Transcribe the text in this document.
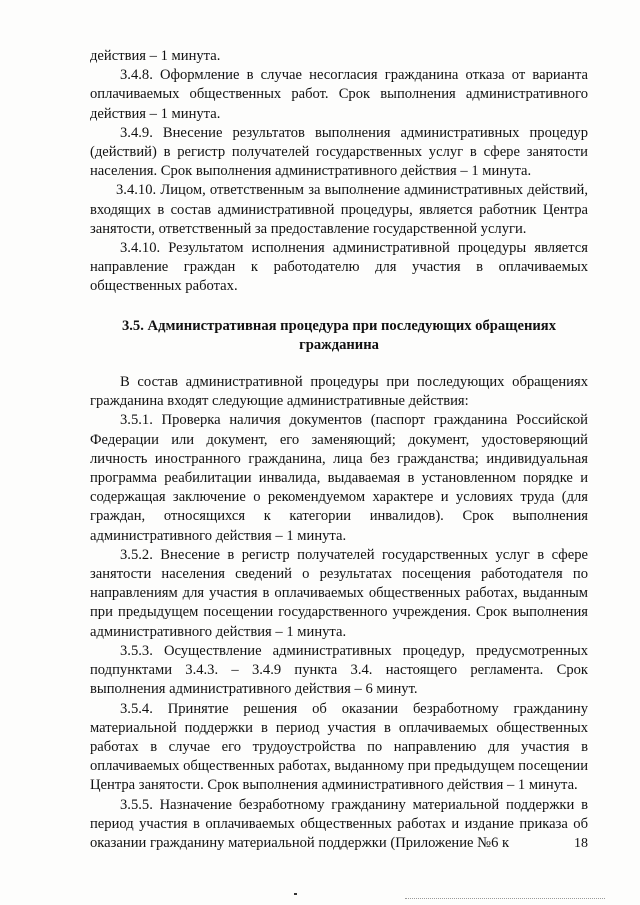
действия – 1 минута.

3.4.8. Оформление в случае несогласия гражданина отказа от варианта оплачиваемых общественных работ. Срок выполнения административного действия – 1 минута.

3.4.9. Внесение результатов выполнения административных процедур (действий) в регистр получателей государственных услуг в сфере занятости населения. Срок выполнения административного действия – 1 минута.

3.4.10. Лицом, ответственным за выполнение административных действий, входящих в состав административной процедуры, является работник Центра занятости, ответственный за предоставление государственной услуги.

3.4.10. Результатом исполнения административной процедуры является направление граждан к работодателю для участия в оплачиваемых общественных работах.

3.5. Административная процедура при последующих обращениях гражданина

В состав административной процедуры при последующих обращениях гражданина входят следующие административные действия:

3.5.1. Проверка наличия документов (паспорт гражданина Российской Федерации или документ, его заменяющий; документ, удостоверяющий личность иностранного гражданина, лица без гражданства; индивидуальная программа реабилитации инвалида, выдаваемая в установленном порядке и содержащая заключение о рекомендуемом характере и условиях труда (для граждан, относящихся к категории инвалидов). Срок выполнения административного действия – 1 минута.

3.5.2. Внесение в регистр получателей государственных услуг в сфере занятости населения сведений о результатах посещения работодателя по направлениям для участия в оплачиваемых общественных работах, выданным при предыдущем посещении государственного учреждения. Срок выполнения административного действия – 1 минута.

3.5.3. Осуществление административных процедур, предусмотренных подпунктами 3.4.3. – 3.4.9 пункта 3.4. настоящего регламента. Срок выполнения административного действия – 6 минут.

3.5.4. Принятие решения об оказании безработному гражданину материальной поддержки в период участия в оплачиваемых общественных работах в случае его трудоустройства по направлению для участия в оплачиваемых общественных работах, выданному при предыдущем посещении Центра занятости. Срок выполнения административного действия – 1 минута.

3.5.5. Назначение безработному гражданину материальной поддержки в период участия в оплачиваемых общественных работах и издание приказа об оказании гражданину материальной поддержки (Приложение №6 к	18
